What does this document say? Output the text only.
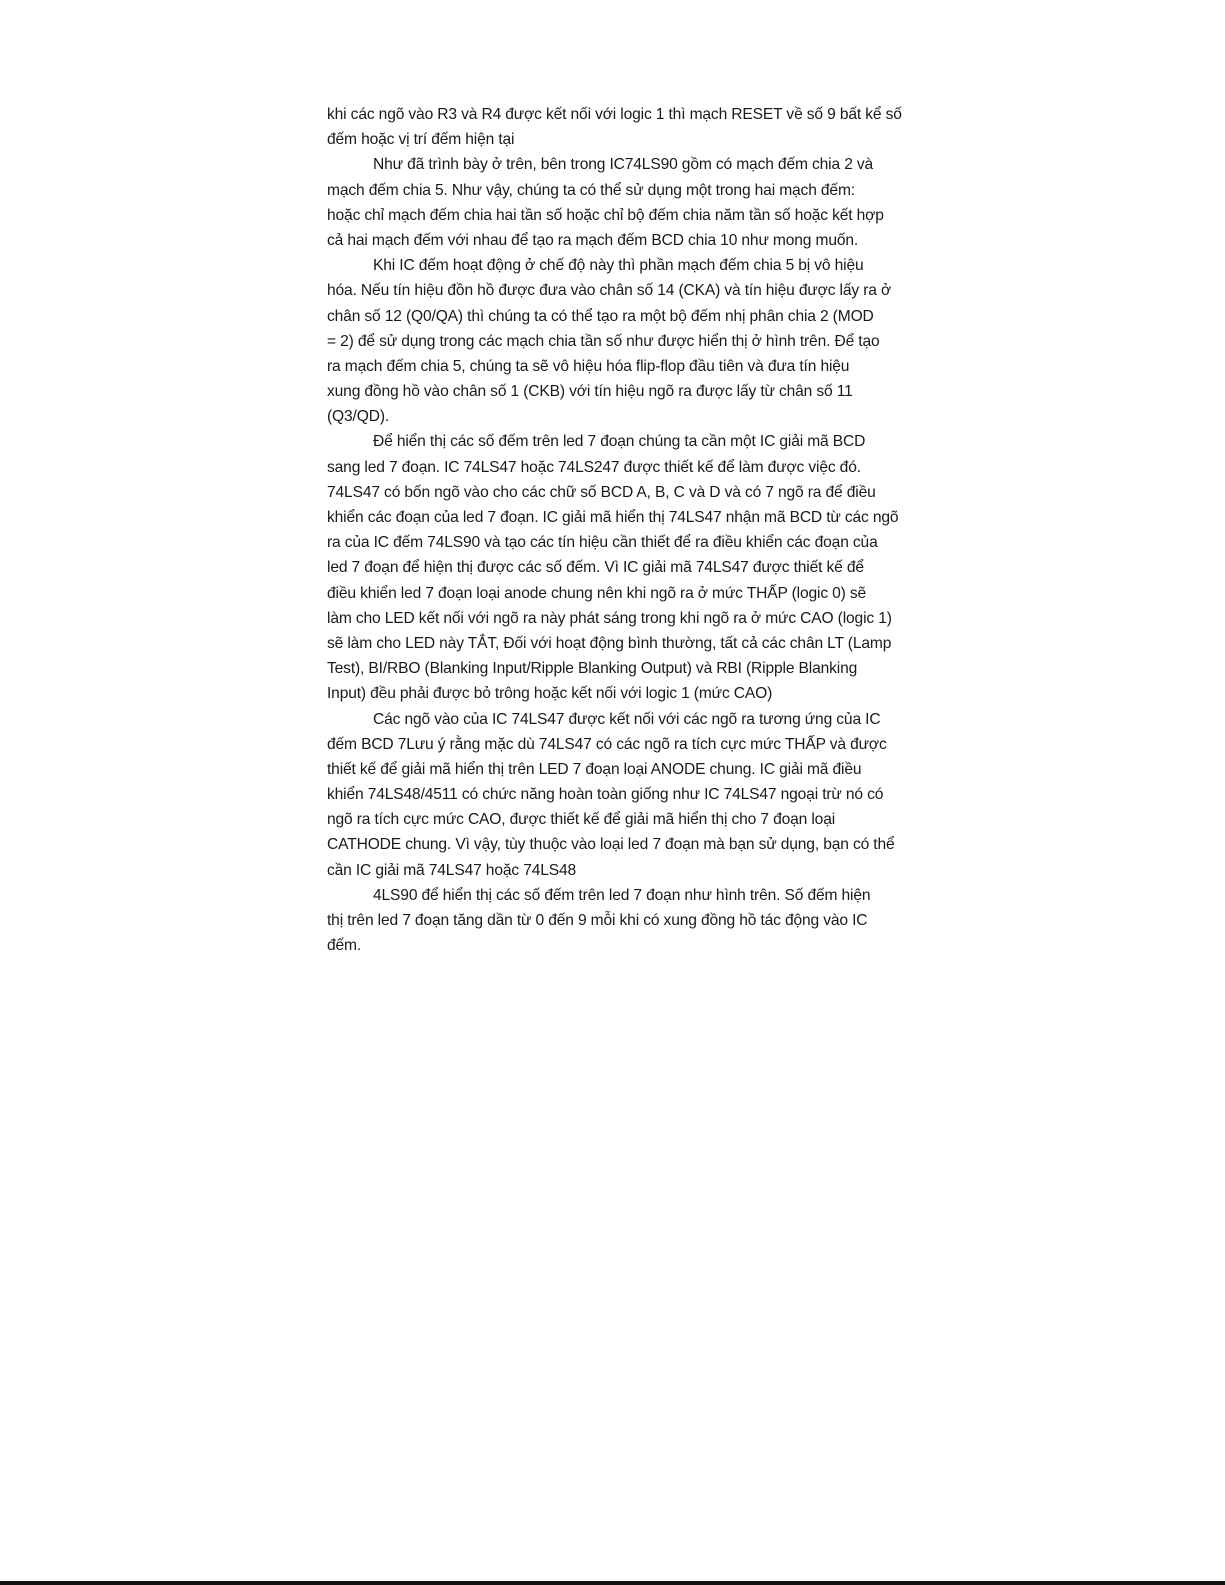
khi các ngõ vào R3 và R4 được kết nối với logic 1 thì mạch RESET về số 9 bất kể số
đếm hoặc vị trí đếm hiện tại
Như đã trình bày ở trên, bên trong IC74LS90 gồm có mạch đếm chia 2 và
mạch đếm chia 5. Như vậy, chúng ta có thể sử dụng một trong hai mạch đếm:
hoặc chỉ mạch đếm chia hai tần số hoặc chỉ bộ đếm chia năm tần số hoặc kết hợp
cả hai mạch đếm với nhau để tạo ra mạch đếm BCD chia 10 như mong muốn.
Khi IC đếm hoạt động ở chế độ này thì phần mạch đếm chia 5 bị vô hiệu
hóa. Nếu tín hiệu đồn hồ được đưa vào chân số 14 (CKA) và tín hiệu được lấy ra ở
chân số 12 (Q0/QA) thì chúng ta có thể tạo ra một bộ đếm nhị phân chia 2 (MOD
= 2) để sử dụng trong các mạch chia tần số như được hiển thị ở hình trên. Để tạo
ra mạch đếm chia 5, chúng ta sẽ vô hiệu hóa flip-flop đầu tiên và đưa tín hiệu
xung đồng hồ vào chân số 1 (CKB) với tín hiệu ngõ ra được lấy từ chân số 11
(Q3/QD).
Để hiển thị các số đếm trên led 7 đoạn chúng ta cần một IC giải mã BCD
sang led 7 đoạn. IC 74LS47 hoặc 74LS247 được thiết kế để làm được việc đó.
74LS47 có bốn ngõ vào cho các chữ số BCD A, B, C và D và có 7 ngõ ra để điều
khiển các đoạn của led 7 đoạn. IC giải mã hiển thị 74LS47 nhận mã BCD từ các ngõ
ra của IC đếm 74LS90 và tạo các tín hiệu cần thiết để ra điều khiển các đoạn của
led 7 đoạn để hiện thị được các số đếm. Vì IC giải mã 74LS47 được thiết kế để
điều khiển led 7 đoạn loại anode chung nên khi ngõ ra ở mức THẤP (logic 0) sẽ
làm cho LED kết nối với ngõ ra này phát sáng trong khi ngõ ra ở mức CAO (logic 1)
sẽ làm cho LED này TẮT, Đối với hoạt động bình thường, tất cả các chân LT (Lamp
Test), BI/RBO (Blanking Input/Ripple Blanking Output) và RBI (Ripple Blanking
Input) đều phải được bỏ trông hoặc kết nối với logic 1 (mức CAO)
Các ngõ vào của IC 74LS47 được kết nối với các ngõ ra tương ứng của IC
đếm BCD 7Lưu ý rằng mặc dù 74LS47 có các ngõ ra tích cực mức THẤP và được
thiết kế để giải mã hiển thị trên LED 7 đoạn loại ANODE chung. IC giải mã điều
khiển 74LS48/4511 có chức năng hoàn toàn giống như IC 74LS47 ngoại trừ nó có
ngõ ra tích cực mức CAO, được thiết kế để giải mã hiển thị cho 7 đoạn loại
CATHODE chung. Vì vậy, tùy thuộc vào loại led 7 đoạn mà bạn sử dụng, bạn có thể
cần IC giải mã 74LS47 hoặc 74LS48
4LS90 để hiển thị các số đếm trên led 7 đoạn như hình trên. Số đếm hiện
thị trên led 7 đoạn tăng dần từ 0 đến 9 mỗi khi có xung đồng hồ tác động vào IC
đếm.
